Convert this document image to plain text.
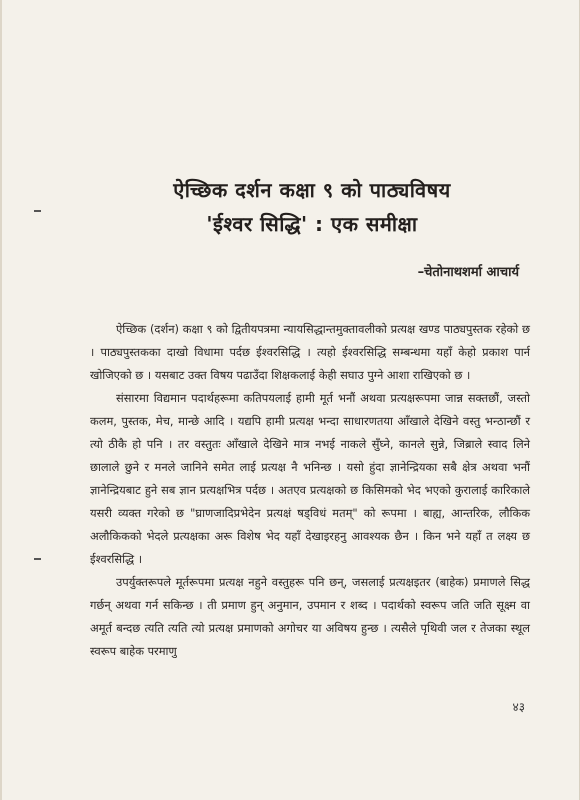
ऐच्छिक दर्शन कक्षा ९ को पाठ्यविषय
'ईश्वर सिद्धि' : एक समीक्षा
–चेतोनाथशर्मा आचार्य

ऐच्छिक (दर्शन) कक्षा ९ को द्वितीयपत्रमा न्यायसिद्धान्तमुक्तावलीको प्रत्यक्ष खण्ड पाठ्यपुस्तक रहेको छ । पाठ्यपुस्तकका दाखो विधामा पर्दछ ईश्वरसिद्धि । त्यहो ईश्वरसिद्धि सम्बन्धमा यहाँ केहो प्रकाश पार्न खोजिएको छ । यसबाट उक्त विषय पढाउँदा शिक्षकलाई केही सघाउ पुग्ने आशा राखिएको छ ।

संसारमा विद्यमान पदार्थहरूमा कतिपयलाई हामी मूर्त भनौं अथवा प्रत्यक्षरूपमा जान्न सक्तछौं, जस्तो कलम, पुस्तक, मेच, मान्छे आदि । यद्यपि हामी प्रत्यक्ष भन्दा साधारणतया आँखाले देखिने वस्तु भन्ठान्छौं र त्यो ठीकै हो पनि । तर वस्तुतः आँखाले देखिने मात्र नभई नाकले सुँघ्ने, कानले सुन्ने, जिब्राले स्वाद लिने छालाले छुने र मनले जानिने समेत लाई प्रत्यक्ष नै भनिन्छ । यसो हुंदा ज्ञानेन्द्रियका सबै क्षेत्र अथवा भनौं ज्ञानेन्द्रियबाट हुने सब ज्ञान प्रत्यक्षभित्र पर्दछ । अतएव प्रत्यक्षको छ किसिमको भेद भएको कुरालाई कारिकाले यसरी व्यक्त गरेको छ "घ्राणजादिप्रभेदेन प्रत्यक्षं षड्विधं मतम्" को रूपमा । बाह्य, आन्तरिक, लौकिक अलौकिकको भेदले प्रत्यक्षका अरू विशेष भेद यहाँ देखाइरहनु आवश्यक छैन । किन भने यहाँ त लक्ष्य छ ईश्वरसिद्धि ।

उपर्युक्तरूपले मूर्तरूपमा प्रत्यक्ष नहुने वस्तुहरू पनि छन्, जसलाई प्रत्यक्षइतर (बाहेक) प्रमाणले सिद्ध गर्छन् अथवा गर्न सकिन्छ । ती प्रमाण हुन् अनुमान, उपमान र शब्द । पदार्थको स्वरूप जति जति सूक्ष्म वा अमूर्त बन्दछ त्यति त्यति त्यो प्रत्यक्ष प्रमाणको अगोचर या अविषय हुन्छ । त्यसैले पृथिवी जल र तेजका स्थूल स्वरूप बाहेक परमाणु

४३
